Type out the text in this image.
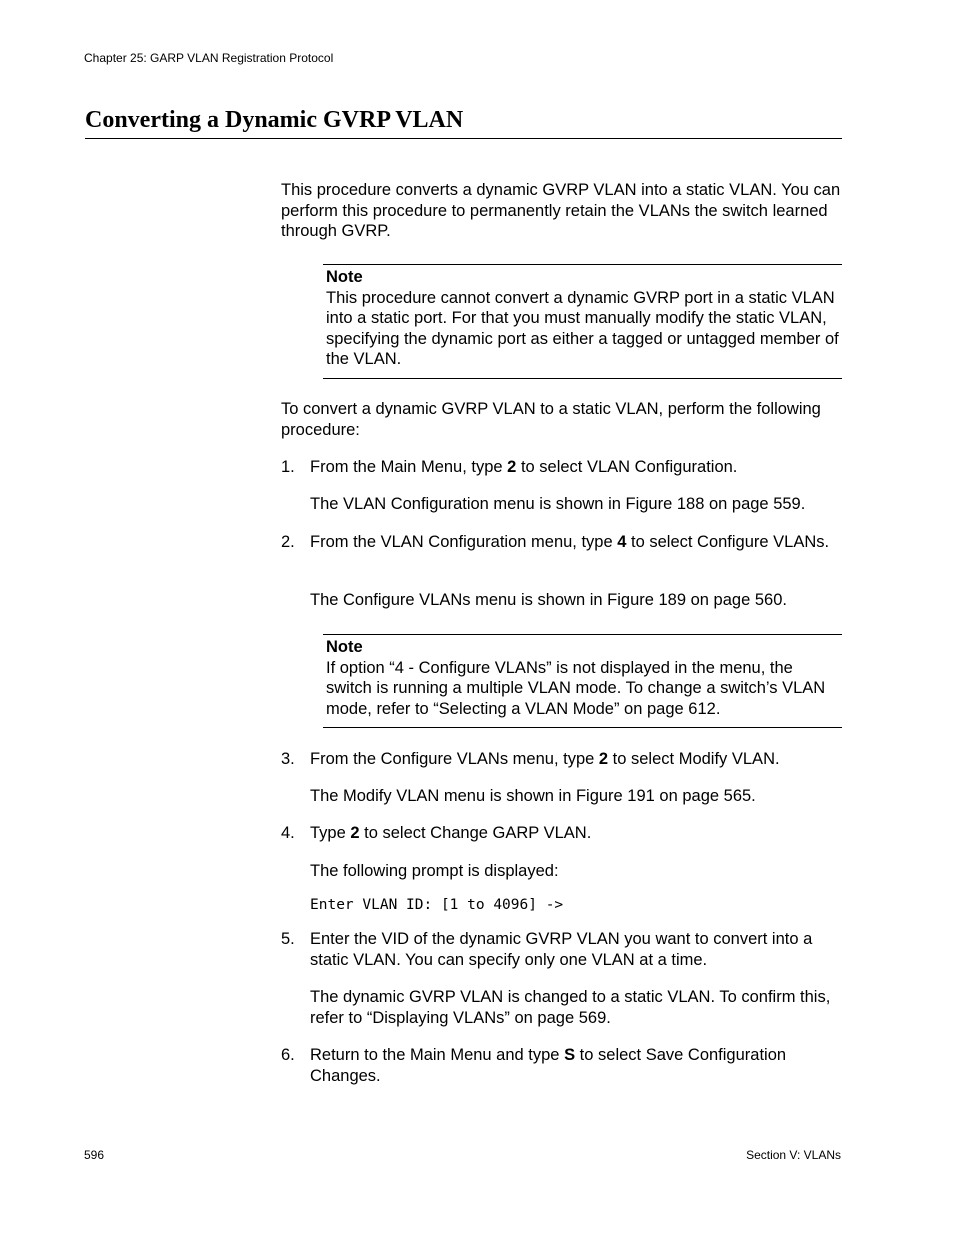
Chapter 25: GARP VLAN Registration Protocol
Converting a Dynamic GVRP VLAN

This procedure converts a dynamic GVRP VLAN into a static VLAN. You can perform this procedure to permanently retain the VLANs the switch learned through GVRP.

Note
This procedure cannot convert a dynamic GVRP port in a static VLAN into a static port. For that you must manually modify the static VLAN, specifying the dynamic port as either a tagged or untagged member of the VLAN.

To convert a dynamic GVRP VLAN to a static VLAN, perform the following procedure:

1. From the Main Menu, type 2 to select VLAN Configuration.
The VLAN Configuration menu is shown in Figure 188 on page 559.
2. From the VLAN Configuration menu, type 4 to select Configure VLANs.
The Configure VLANs menu is shown in Figure 189 on page 560.
Note
If option “4 - Configure VLANs” is not displayed in the menu, the switch is running a multiple VLAN mode. To change a switch’s VLAN mode, refer to “Selecting a VLAN Mode” on page 612.
3. From the Configure VLANs menu, type 2 to select Modify VLAN.
The Modify VLAN menu is shown in Figure 191 on page 565.
4. Type 2 to select Change GARP VLAN.
The following prompt is displayed:
Enter VLAN ID: [1 to 4096] ->
5. Enter the VID of the dynamic GVRP VLAN you want to convert into a static VLAN. You can specify only one VLAN at a time.
The dynamic GVRP VLAN is changed to a static VLAN. To confirm this, refer to “Displaying VLANs” on page 569.
6. Return to the Main Menu and type S to select Save Configuration Changes.
596	Section V: VLANs
